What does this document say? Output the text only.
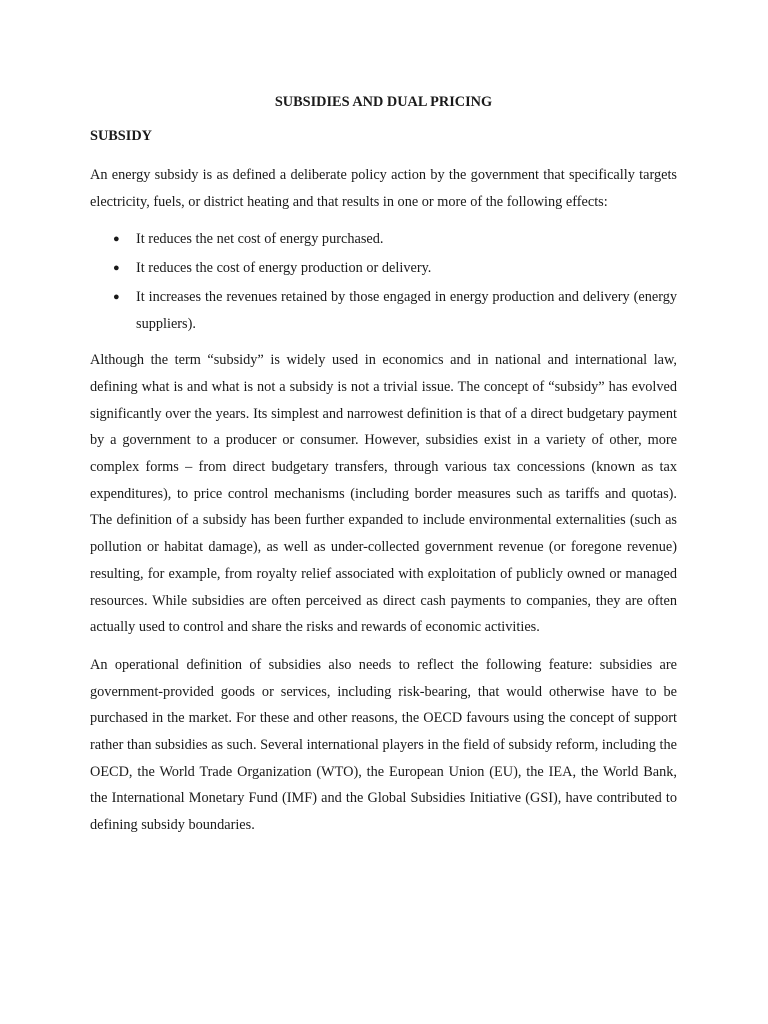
SUBSIDIES AND DUAL PRICING
SUBSIDY

An energy subsidy is as defined a deliberate policy action by the government that specifically targets electricity, fuels, or district heating and that results in one or more of the following effects:

● It reduces the net cost of energy purchased.
● It reduces the cost of energy production or delivery.
● It increases the revenues retained by those engaged in energy production and delivery (energy suppliers).

Although the term “subsidy” is widely used in economics and in national and international law, defining what is and what is not a subsidy is not a trivial issue. The concept of “subsidy” has evolved significantly over the years. Its simplest and narrowest definition is that of a direct budgetary payment by a government to a producer or consumer. However, subsidies exist in a variety of other, more complex forms – from direct budgetary transfers, through various tax concessions (known as tax expenditures), to price control mechanisms (including border measures such as tariffs and quotas). The definition of a subsidy has been further expanded to include environmental externalities (such as pollution or habitat damage), as well as under-collected government revenue (or foregone revenue) resulting, for example, from royalty relief associated with exploitation of publicly owned or managed resources. While subsidies are often perceived as direct cash payments to companies, they are often actually used to control and share the risks and rewards of economic activities.

An operational definition of subsidies also needs to reflect the following feature: subsidies are government-provided goods or services, including risk-bearing, that would otherwise have to be purchased in the market. For these and other reasons, the OECD favours using the concept of support rather than subsidies as such. Several international players in the field of subsidy reform, including the OECD, the World Trade Organization (WTO), the European Union (EU), the IEA, the World Bank, the International Monetary Fund (IMF) and the Global Subsidies Initiative (GSI), have contributed to defining subsidy boundaries.
